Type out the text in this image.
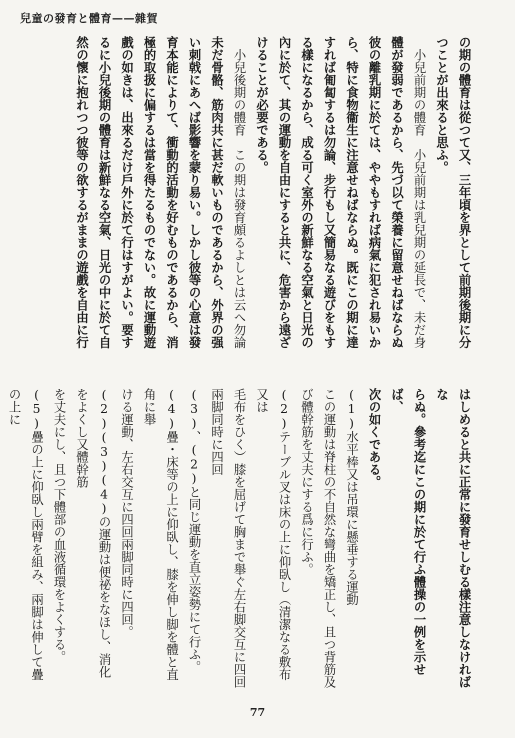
兒童の發育と體育——雜賀
の期の體育は從つて又、三年頃を界として前期後期に分
つことが出來ると思ふ。
　小兒前期の體育　小兒前期は乳兒期の延長で、未だ身
體が發弱であるから、先づ以て榮養に留意せねばならぬ
彼の離乳期に於ては、ややもすれば病氣に犯され易いか
ら、特に食物衞生に注意せねばならぬ。既にこの期に達
すれば匍匐するは勿論、步行もし又簡易なる遊びをもす
る樣になるから、成る可く室外の新鮮なる空氣と日光の
內に於て、其の運動を自由にすると共に、危害から遠ざ
けることが必要である。
　小兒後期の體育　この期は發育頗るよしとは云へ勿論
未だ骨骼、筋肉共に甚だ軟いものであるから、外界の强
い刺戟にあへば影響を蒙り易い。しかし彼等の心意は發
育本能によりて、衝動的活動を好むものであるから、消
極的取扱に偏するは當を得たるものでない。故に運動遊
戲の如きは、出來るだけ戶外に於て行はすがよい。要す
るに小兒後期の體育は新鮮なる空氣、日光の中に於て自
然の懷に抱れつつ彼等の欲するがままの遊戲を自由に行
はしめると共に正常に發育せしむる樣注意しなければな
らぬ。參考迄にこの期に於て行ふ體操の一例を示せば、
次の如くである。
(1)水平棒又は吊環に懸垂する運動
この運動は脊柱の不自然な彎曲を矯正し、且つ背筋及
び體幹筋を丈夫にする爲に行ふ。
(2)テーブル叉は床の上に仰臥し（清潔なる敷布又は
毛布をひく）膝を屈げて胸まで舉ぐ左右脚交互に四回
兩脚同時に四回
(3)、(2)と同じ運動を直立姿勢にて行ふ。
(4)疊・床等の上に仰臥し、膝を伸し脚を體と直角に舉
ける運動、左右交互に四回兩脚同時に四回。
(2)(3)(4)の運動は便祕をなほし、消化をよくし又體幹筋
を丈夫にし、且つ下體部の血液循環をよくする。
(5)疊の上に仰臥し兩臂を組み、兩脚は伸して疊の上に
77
